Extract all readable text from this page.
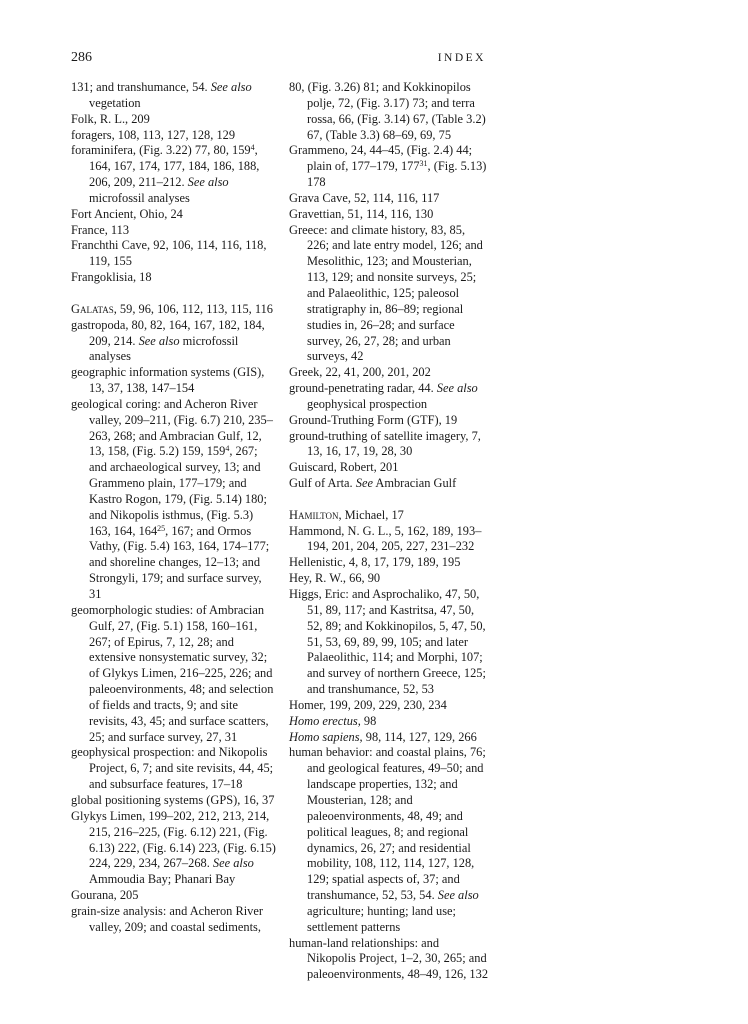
286	INDEX
131; and transhumance, 54. See also vegetation
Folk, R. L., 209
foragers, 108, 113, 127, 128, 129
foraminifera, (Fig. 3.22) 77, 80, $159^4$, 164, 167, 174, 177, 184, 186, 188, 206, 209, 211–212. See also microfossil analyses
Fort Ancient, Ohio, 24
France, 113
Franchthi Cave, 92, 106, 114, 116, 118, 119, 155
Frangoklisia, 18
Galatas, 59, 96, 106, 112, 113, 115, 116
gastropoda, 80, 82, 164, 167, 182, 184, 209, 214. See also microfossil analyses
geographic information systems (GIS), 13, 37, 138, 147–154
geological coring: and Acheron River valley, 209–211, (Fig. 6.7) 210, 235–263, 268; and Ambracian Gulf, 12, 13, 158, (Fig. 5.2) 159, $159^4$, 267; and archaeological survey, 13; and Grammeno plain, 177–179; and Kastro Rogon, 179, (Fig. 5.14) 180; and Nikopolis isthmus, (Fig. 5.3) 163, 164, $164^{25}$, 167; and Ormos Vathy, (Fig. 5.4) 163, 164, 174–177; and shoreline changes, 12–13; and Strongyli, 179; and surface survey, 31
geomorphologic studies: of Ambracian Gulf, 27, (Fig. 5.1) 158, 160–161, 267; of Epirus, 7, 12, 28; and extensive nonsystematic survey, 32; of Glykys Limen, 216–225, 226; and paleoenvironments, 48; and selection of fields and tracts, 9; and site revisits, 43, 45; and surface scatters, 25; and surface survey, 27, 31
geophysical prospection: and Nikopolis Project, 6, 7; and site revisits, 44, 45; and subsurface features, 17–18
global positioning systems (GPS), 16, 37
Glykys Limen, 199–202, 212, 213, 214, 215, 216–225, (Fig. 6.12) 221, (Fig. 6.13) 222, (Fig. 6.14) 223, (Fig. 6.15) 224, 229, 234, 267–268. See also Ammoudia Bay; Phanari Bay
Gourana, 205
grain-size analysis: and Acheron River valley, 209; and coastal sediments,
80, (Fig. 3.26) 81; and Kokkinopilos polje, 72, (Fig. 3.17) 73; and terra rossa, 66, (Fig. 3.14) 67, (Table 3.2) 67, (Table 3.3) 68–69, 69, 75
Grammeno, 24, 44–45, (Fig. 2.4) 44; plain of, 177–179, $177^{31}$, (Fig. 5.13) 178
Grava Cave, 52, 114, 116, 117
Gravettian, 51, 114, 116, 130
Greece: and climate history, 83, 85, 226; and late entry model, 126; and Mesolithic, 123; and Mousterian, 113, 129; and nonsite surveys, 25; and Palaeolithic, 125; paleosol stratigraphy in, 86–89; regional studies in, 26–28; and surface survey, 26, 27, 28; and urban surveys, 42
Greek, 22, 41, 200, 201, 202
ground-penetrating radar, 44. See also geophysical prospection
Ground-Truthing Form (GTF), 19
ground-truthing of satellite imagery, 7, 13, 16, 17, 19, 28, 30
Guiscard, Robert, 201
Gulf of Arta. See Ambracian Gulf
Hamilton, Michael, 17
Hammond, N. G. L., 5, 162, 189, 193–194, 201, 204, 205, 227, 231–232
Hellenistic, 4, 8, 17, 179, 189, 195
Hey, R. W., 66, 90
Higgs, Eric: and Asprochaliko, 47, 50, 51, 89, 117; and Kastritsa, 47, 50, 52, 89; and Kokkinopilos, 5, 47, 50, 51, 53, 69, 89, 99, 105; and later Palaeolithic, 114; and Morphi, 107; and survey of northern Greece, 125; and transhumance, 52, 53
Homer, 199, 209, 229, 230, 234
Homo erectus, 98
Homo sapiens, 98, 114, 127, 129, 266
human behavior: and coastal plains, 76; and geological features, 49–50; and landscape properties, 132; and Mousterian, 128; and paleoenvironments, 48, 49; and political leagues, 8; and regional dynamics, 26, 27; and residential mobility, 108, 112, 114, 127, 128, 129; spatial aspects of, 37; and transhumance, 52, 53, 54. See also agriculture; hunting; land use; settlement patterns
human-land relationships: and Nikopolis Project, 1–2, 30, 265; and paleoenvironments, 48–49, 126, 132
